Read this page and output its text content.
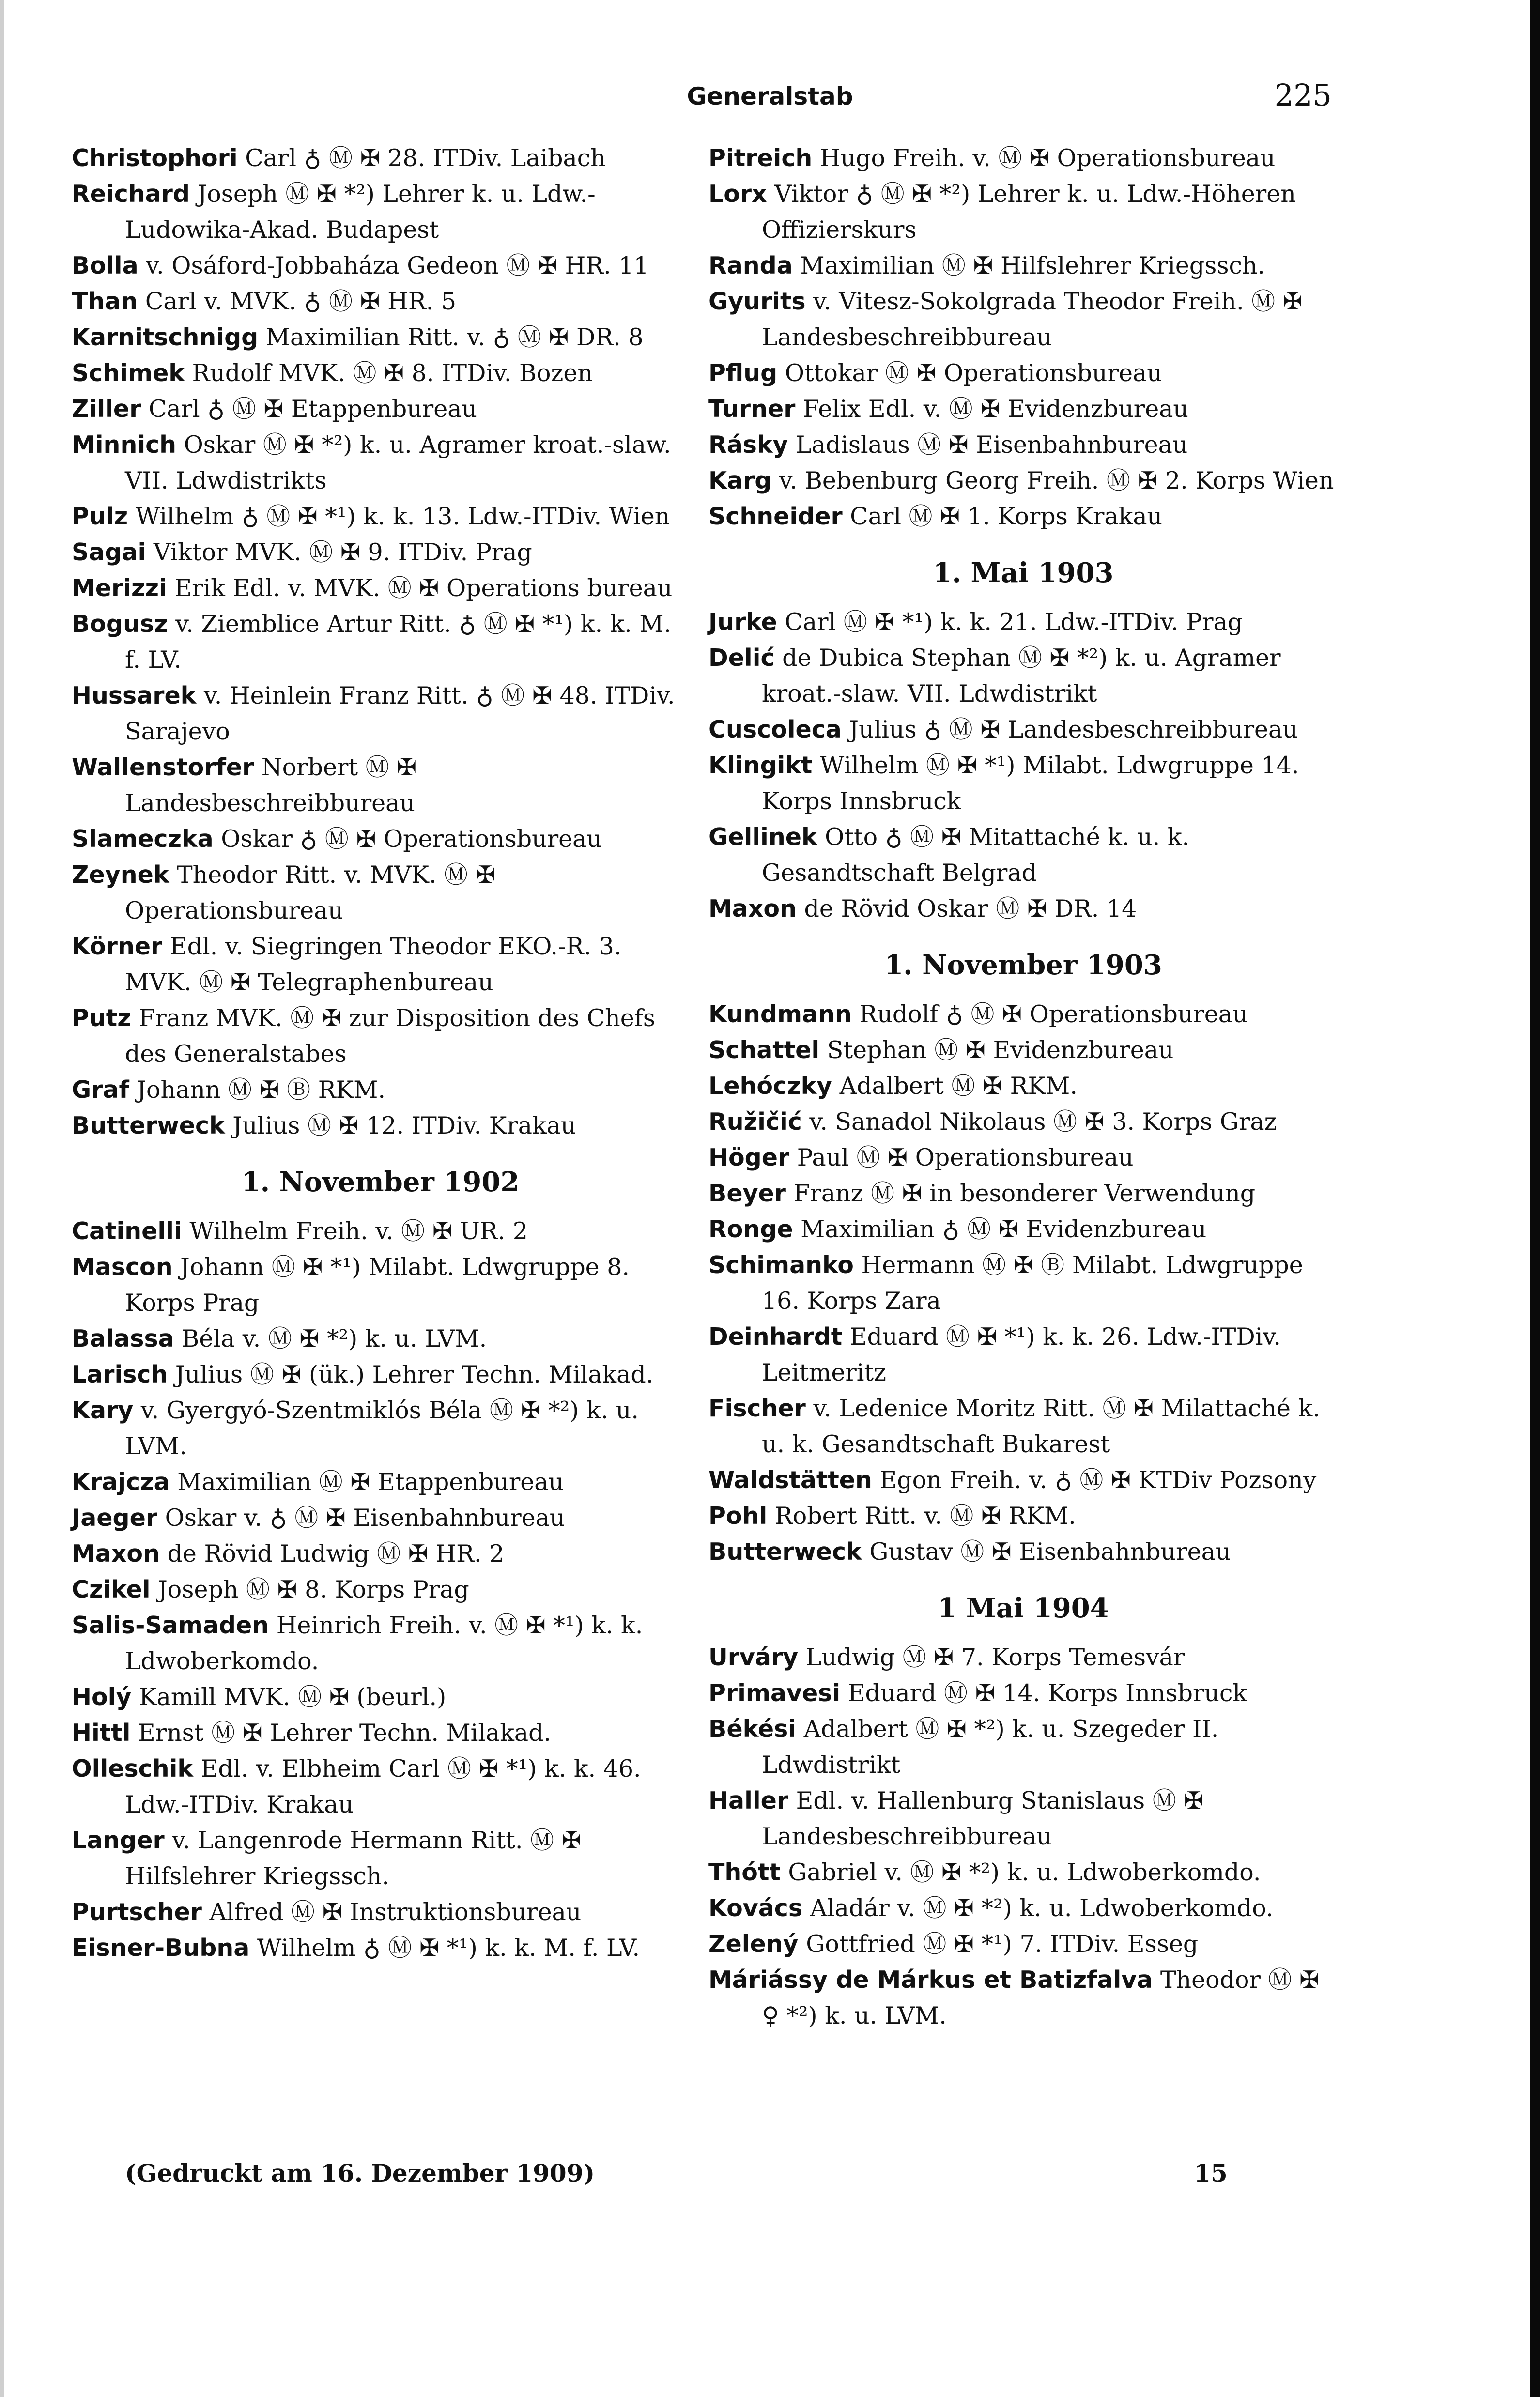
Generalstab	225
Christophori Carl ♁ Ⓜ ✠ 28. ITDiv. Laibach
Reichard Joseph Ⓜ ✠ *²) Lehrer k. u. Ldw.-Ludowika-Akad. Budapest
Bolla v. Osáford-Jobbaháza Gedeon Ⓜ ✠ HR. 11
Than Carl v. MVK. ♁ Ⓜ ✠ HR. 5
Karnitschnigg Maximilian Ritt. v. ♁ Ⓜ ✠ DR. 8
Schimek Rudolf MVK. Ⓜ ✠ 8. ITDiv. Bozen
Ziller Carl ♁ Ⓜ ✠ Etappenbureau
Minnich Oskar Ⓜ ✠ *²) k. u. Agramer kroat.-slaw. VII. Ldwdistrikts
Pulz Wilhelm ♁ Ⓜ ✠ *¹) k. k. 13. Ldw.-ITDiv. Wien
Sagai Viktor MVK. Ⓜ ✠ 9. ITDiv. Prag
Merizzi Erik Edl. v. MVK. Ⓜ ✠ Operations bureau
Bogusz v. Ziemblice Artur Ritt. ♁ Ⓜ ✠ *¹) k. k. M. f. LV.
Hussarek v. Heinlein Franz Ritt. ♁ Ⓜ ✠ 48. ITDiv. Sarajevo
Wallenstorfer Norbert Ⓜ ✠ Landesbeschreibbureau
Slameczka Oskar ♁ Ⓜ ✠ Operationsbureau
Zeynek Theodor Ritt. v. MVK. Ⓜ ✠ Operationsbureau
Körner Edl. v. Siegringen Theodor EKO.-R. 3. MVK. Ⓜ ✠ Telegraphenbureau
Putz Franz MVK. Ⓜ ✠ zur Disposition des Chefs des Generalstabes
Graf Johann Ⓜ ✠ Ⓑ RKM.
Butterweck Julius Ⓜ ✠ 12. ITDiv. Krakau
1. November 1902
Catinelli Wilhelm Freih. v. Ⓜ ✠ UR. 2
Mascon Johann Ⓜ ✠ *¹) Milabt. Ldwgruppe 8. Korps Prag
Balassa Béla v. Ⓜ ✠ *²) k. u. LVM.
Larisch Julius Ⓜ ✠ (ük.) Lehrer Techn. Milakad.
Kary v. Gyergyó-Szentmiklós Béla Ⓜ ✠ *²) k. u. LVM.
Krajcza Maximilian Ⓜ ✠ Etappenbureau
Jaeger Oskar v. ♁ Ⓜ ✠ Eisenbahnbureau
Maxon de Rövid Ludwig Ⓜ ✠ HR. 2
Czikel Joseph Ⓜ ✠ 8. Korps Prag
Salis-Samaden Heinrich Freih. v. Ⓜ ✠ *¹) k. k. Ldwoberkomdo.
Holý Kamill MVK. Ⓜ ✠ (beurl.)
Hittl Ernst Ⓜ ✠ Lehrer Techn. Milakad.
Olleschik Edl. v. Elbheim Carl Ⓜ ✠ *¹) k. k. 46. Ldw.-ITDiv. Krakau
Langer v. Langenrode Hermann Ritt. Ⓜ ✠ Hilfslehrer Kriegssch.
Purtscher Alfred Ⓜ ✠ Instruktionsbureau
Eisner-Bubna Wilhelm ♁ Ⓜ ✠ *¹) k. k. M. f. LV.
Pitreich Hugo Freih. v. Ⓜ ✠ Operationsbureau
Lorx Viktor ♁ Ⓜ ✠ *²) Lehrer k. u. Ldw.-Höheren Offizierskurs
Randa Maximilian Ⓜ ✠ Hilfslehrer Kriegssch.
Gyurits v. Vitesz-Sokolgrada Theodor Freih. Ⓜ ✠ Landesbeschreibbureau
Pflug Ottokar Ⓜ ✠ Operationsbureau
Turner Felix Edl. v. Ⓜ ✠ Evidenzbureau
Rásky Ladislaus Ⓜ ✠ Eisenbahnbureau
Karg v. Bebenburg Georg Freih. Ⓜ ✠ 2. Korps Wien
Schneider Carl Ⓜ ✠ 1. Korps Krakau
1. Mai 1903
Jurke Carl Ⓜ ✠ *¹) k. k. 21. Ldw.-ITDiv. Prag
Delić de Dubica Stephan Ⓜ ✠ *²) k. u. Agramer kroat.-slaw. VII. Ldwdistrikt
Cuscoleca Julius ♁ Ⓜ ✠ Landesbeschreibbureau
Klingikt Wilhelm Ⓜ ✠ *¹) Milabt. Ldwgruppe 14. Korps Innsbruck
Gellinek Otto ♁ Ⓜ ✠ Mitattaché k. u. k. Gesandtschaft Belgrad
Maxon de Rövid Oskar Ⓜ ✠ DR. 14
1. November 1903
Kundmann Rudolf ♁ Ⓜ ✠ Operationsbureau
Schattel Stephan Ⓜ ✠ Evidenzbureau
Lehóczky Adalbert Ⓜ ✠ RKM.
Ružičić v. Sanadol Nikolaus Ⓜ ✠ 3. Korps Graz
Höger Paul Ⓜ ✠ Operationsbureau
Beyer Franz Ⓜ ✠ in besonderer Verwendung
Ronge Maximilian ♁ Ⓜ ✠ Evidenzbureau
Schimanko Hermann Ⓜ ✠ Ⓑ Milabt. Ldwgruppe 16. Korps Zara
Deinhardt Eduard Ⓜ ✠ *¹) k. k. 26. Ldw.-ITDiv. Leitmeritz
Fischer v. Ledenice Moritz Ritt. Ⓜ ✠ Milattaché k. u. k. Gesandtschaft Bukarest
Waldstätten Egon Freih. v. ♁ Ⓜ ✠ KTDiv Pozsony
Pohl Robert Ritt. v. Ⓜ ✠ RKM.
Butterweck Gustav Ⓜ ✠ Eisenbahnbureau
1 Mai 1904
Urváry Ludwig Ⓜ ✠ 7. Korps Temesvár
Primavesi Eduard Ⓜ ✠ 14. Korps Innsbruck
Békési Adalbert Ⓜ ✠ *²) k. u. Szegeder II. Ldwdistrikt
Haller Edl. v. Hallenburg Stanislaus Ⓜ ✠ Landesbeschreibbureau
Thótt Gabriel v. Ⓜ ✠ *²) k. u. Ldwoberkomdo.
Kovács Aladár v. Ⓜ ✠ *²) k. u. Ldwoberkomdo.
Zelený Gottfried Ⓜ ✠ *¹) 7. ITDiv. Esseg
Máriássy de Márkus et Batizfalva Theodor Ⓜ ✠ ♀ *²) k. u. LVM.
(Gedruckt am 16. Dezember 1909)	15
